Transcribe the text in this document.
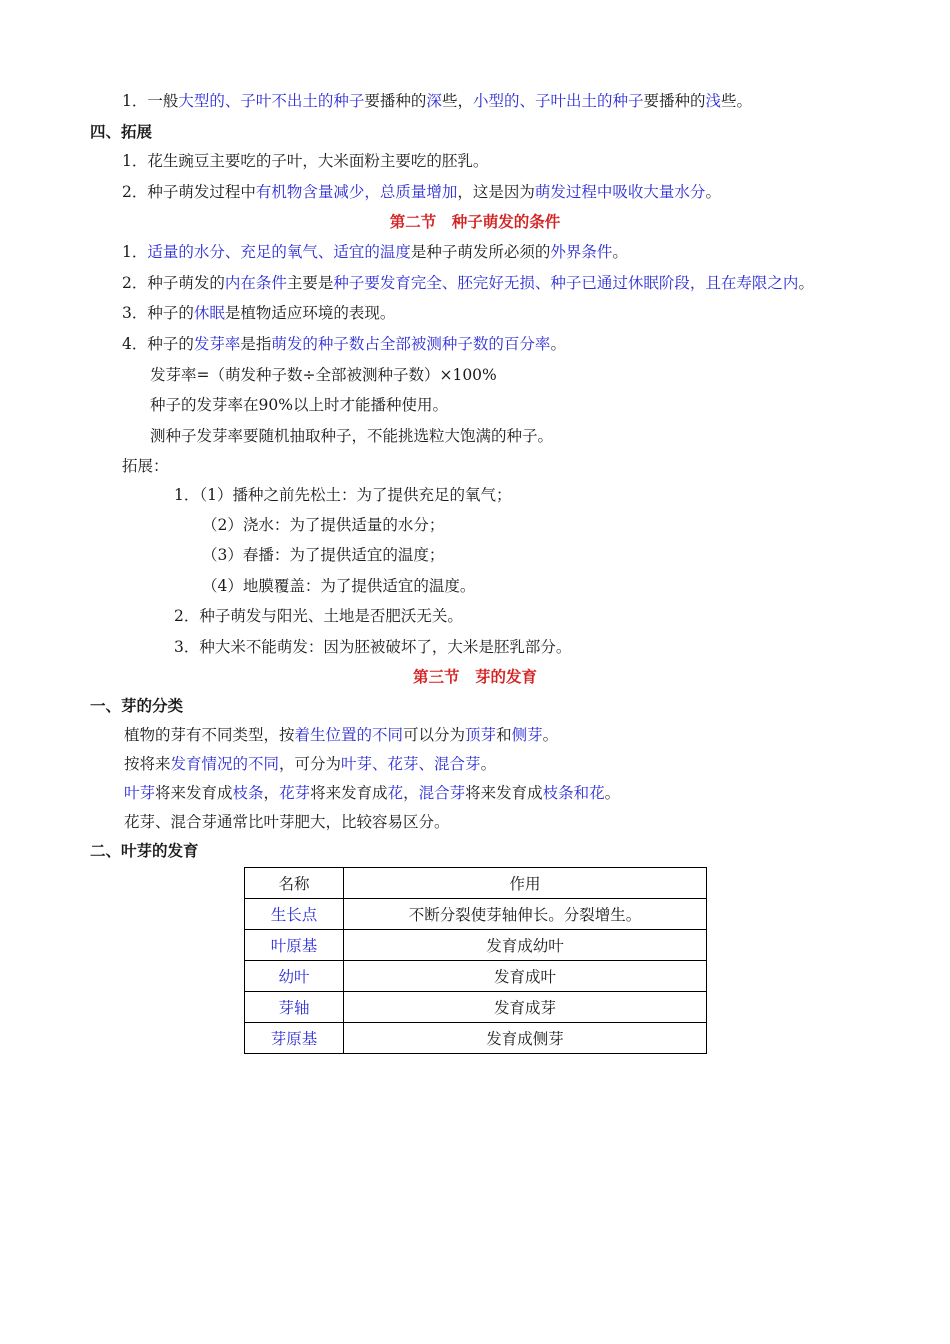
1．一般大型的、子叶不出土的种子要播种的深些，小型的、子叶出土的种子要播种的浅些。
四、拓展
1．花生豌豆主要吃的子叶，大米面粉主要吃的胚乳。
2．种子萌发过程中有机物含量减少，总质量增加，这是因为萌发过程中吸收大量水分。
第二节　种子萌发的条件
1．适量的水分、充足的氧气、适宜的温度是种子萌发所必须的外界条件。
2．种子萌发的内在条件主要是种子要发育完全、胚完好无损、种子已通过休眠阶段，且在寿限之内。
3．种子的休眠是植物适应环境的表现。
4．种子的发芽率是指萌发的种子数占全部被测种子数的百分率。
发芽率=（萌发种子数÷全部被测种子数）×100%
种子的发芽率在90%以上时才能播种使用。
测种子发芽率要随机抽取种子，不能挑选粒大饱满的种子。
拓展：
1．（1）播种之前先松土：为了提供充足的氧气；
（2）浇水：为了提供适量的水分；
（3）春播：为了提供适宜的温度；
（4）地膜覆盖：为了提供适宜的温度。
2．种子萌发与阳光、土地是否肥沃无关。
3．种大米不能萌发：因为胚被破坏了，大米是胚乳部分。
第三节　芽的发育
一、芽的分类
植物的芽有不同类型，按着生位置的不同可以分为顶芽和侧芽。
按将来发育情况的不同，可分为叶芽、花芽、混合芽。
叶芽将来发育成枝条，花芽将来发育成花，混合芽将来发育成枝条和花。
花芽、混合芽通常比叶芽肥大，比较容易区分。
二、叶芽的发育
名称	作用
生长点	不断分裂使芽轴伸长。分裂增生。
叶原基	发育成幼叶
幼叶	发育成叶
芽轴	发育成芽
芽原基	发育成侧芽
